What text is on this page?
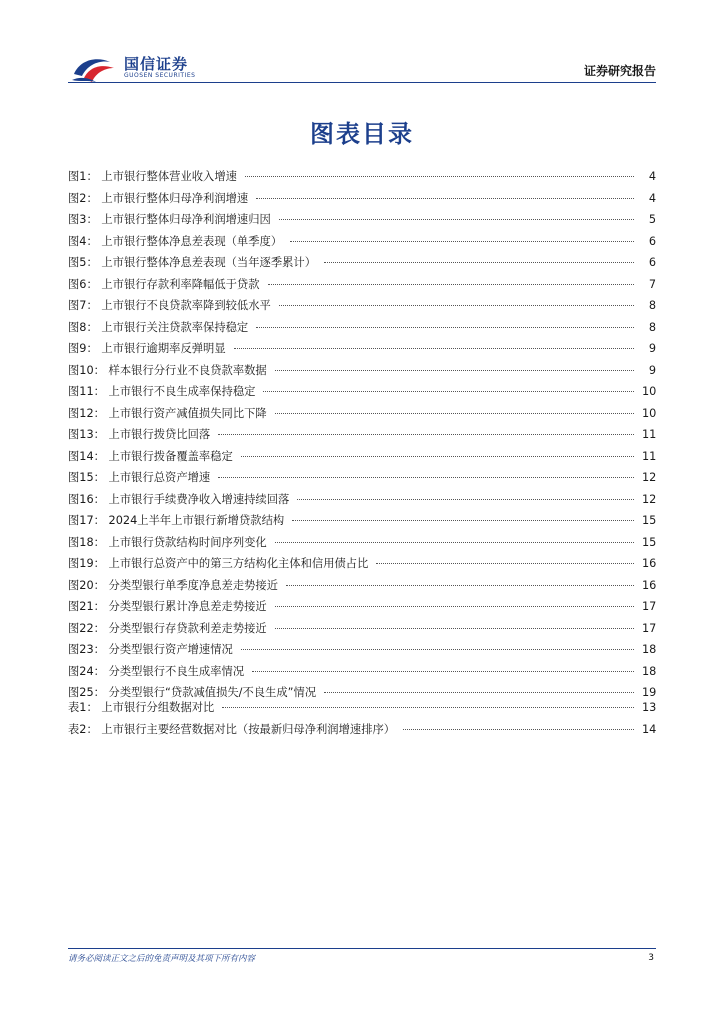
国信证券
GUOSEN SECURITIES	证券研究报告
图表目录
图1： 上市银行整体营业收入增速	4
图2： 上市银行整体归母净利润增速	4
图3： 上市银行整体归母净利润增速归因	5
图4： 上市银行整体净息差表现（单季度）	6
图5： 上市银行整体净息差表现（当年逐季累计）	6
图6： 上市银行存款利率降幅低于贷款	7
图7： 上市银行不良贷款率降到较低水平	8
图8： 上市银行关注贷款率保持稳定	8
图9： 上市银行逾期率反弹明显	9
图10： 样本银行分行业不良贷款率数据	9
图11： 上市银行不良生成率保持稳定	10
图12： 上市银行资产减值损失同比下降	10
图13： 上市银行拨贷比回落	11
图14： 上市银行拨备覆盖率稳定	11
图15： 上市银行总资产增速	12
图16： 上市银行手续费净收入增速持续回落	12
图17： 2024上半年上市银行新增贷款结构	15
图18： 上市银行贷款结构时间序列变化	15
图19： 上市银行总资产中的第三方结构化主体和信用债占比	16
图20： 分类型银行单季度净息差走势接近	16
图21： 分类型银行累计净息差走势接近	17
图22： 分类型银行存贷款利差走势接近	17
图23： 分类型银行资产增速情况	18
图24： 分类型银行不良生成率情况	18
图25： 分类型银行“贷款减值损失/不良生成”情况	19
表1： 上市银行分组数据对比	13
表2： 上市银行主要经营数据对比（按最新归母净利润增速排序）	14
请务必阅读正文之后的免责声明及其项下所有内容	3
